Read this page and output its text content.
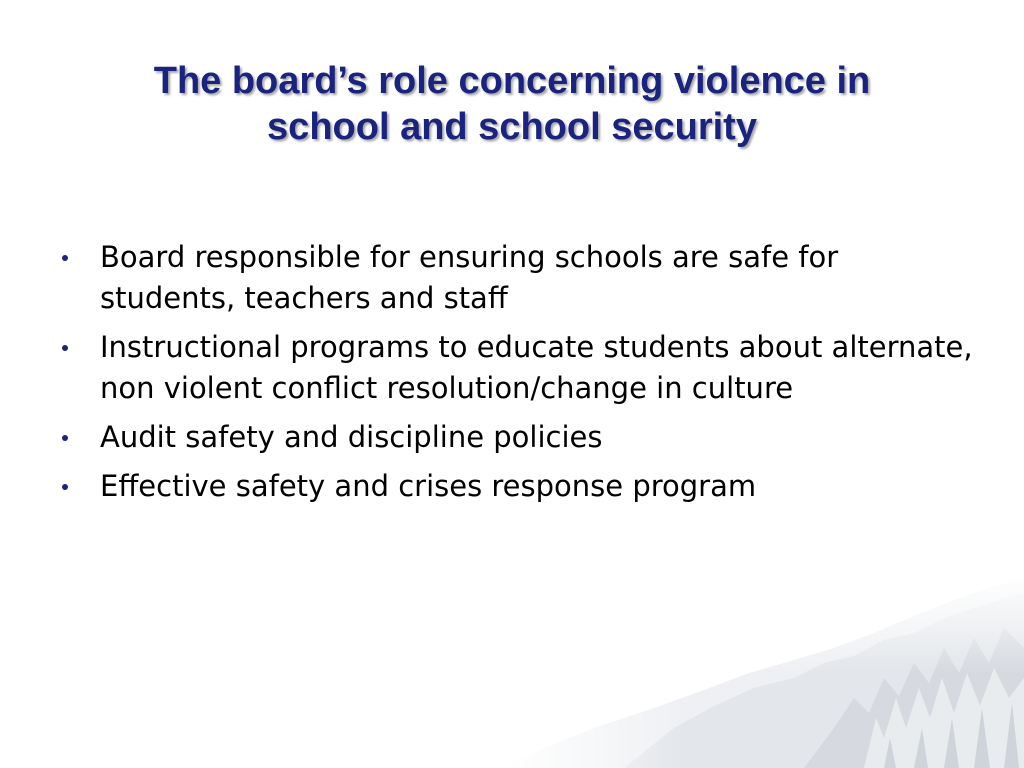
The board’s role concerning violence in
school and school security
Board responsible for ensuring schools are safe for students, teachers and staff
Instructional programs to educate students about alternate, non violent conflict resolution/change in culture
Audit safety and discipline policies
Effective safety and crises response program
